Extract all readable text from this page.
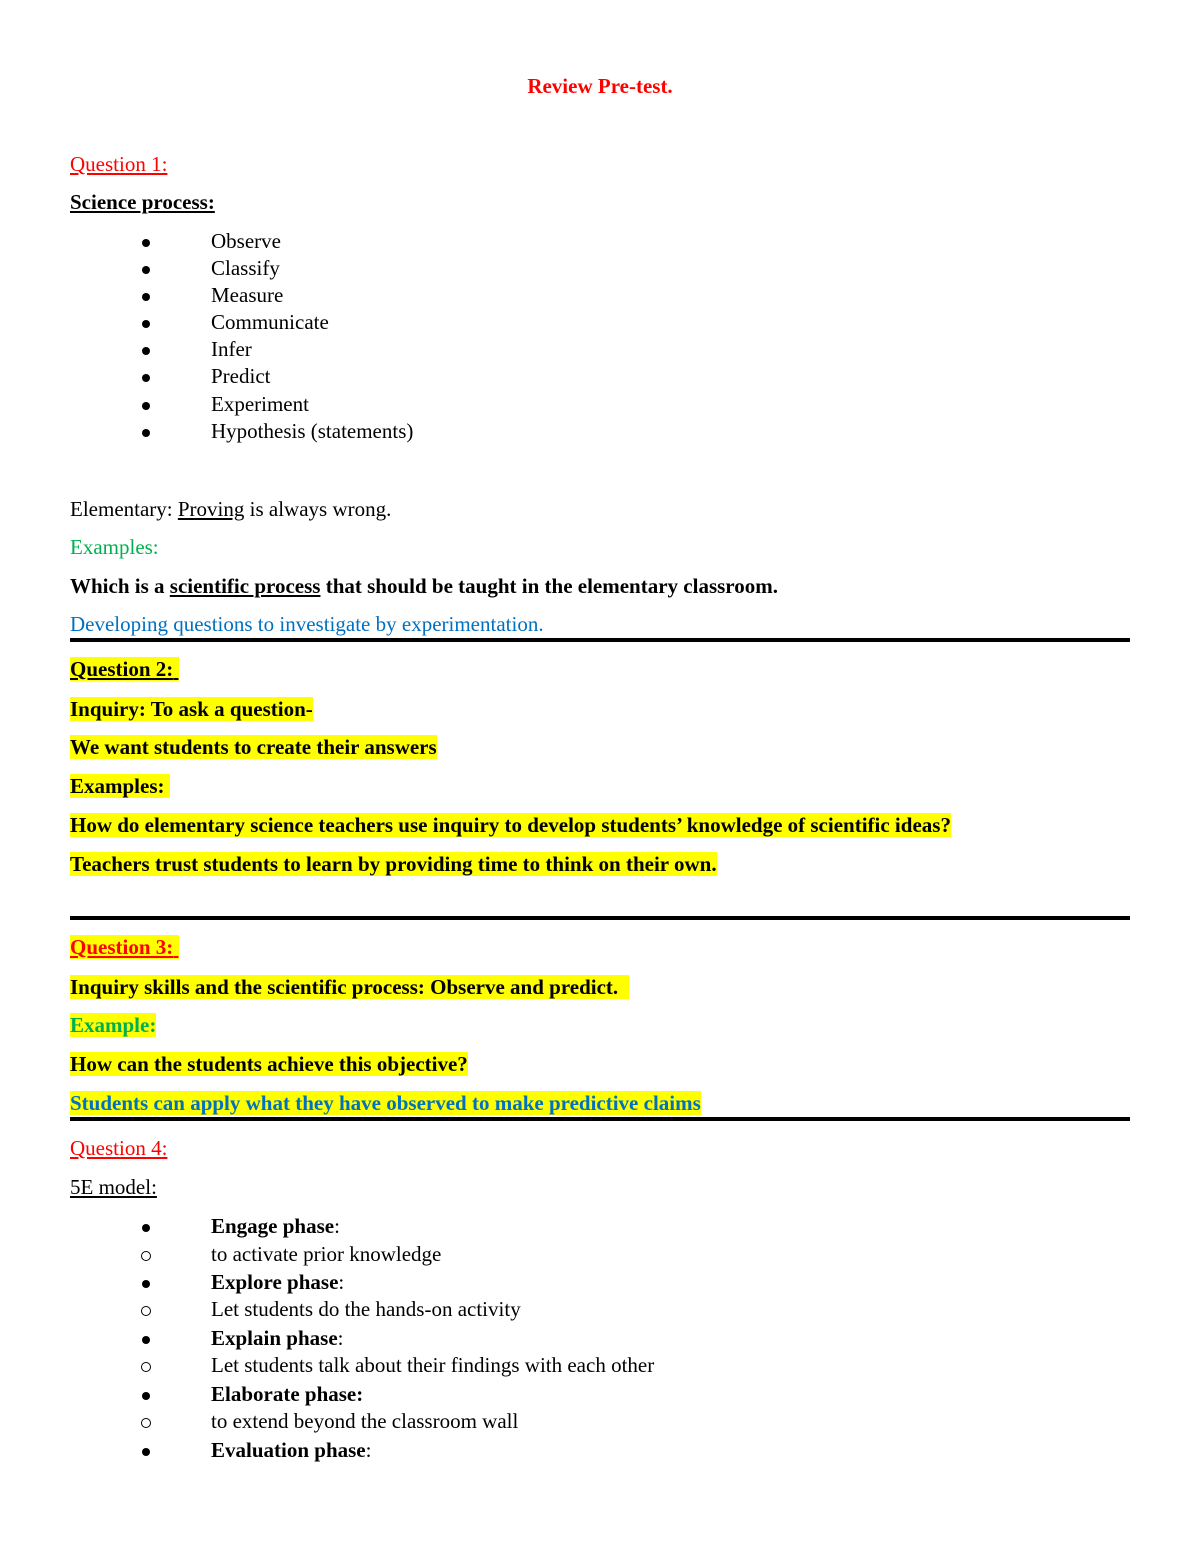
Review Pre-test.
Question 1:
Science process:
Observe
Classify
Measure
Communicate
Infer
Predict
Experiment
Hypothesis (statements)
Elementary: Proving is always wrong.
Examples:
Which is a scientific process that should be taught in the elementary classroom.
Developing questions to investigate by experimentation.
Question 2:
Inquiry: To ask a question-
We want students to create their answers
Examples:
How do elementary science teachers use inquiry to develop students’ knowledge of scientific ideas?
Teachers trust students to learn by providing time to think on their own.
Question 3:
Inquiry skills and the scientific process: Observe and predict.
Example:
How can the students achieve this objective?
Students can apply what they have observed to make predictive claims
Question 4:
5E model:
Engage phase:
to activate prior knowledge
Explore phase:
Let students do the hands-on activity
Explain phase:
Let students talk about their findings with each other
Elaborate phase:
to extend beyond the classroom wall
Evaluation phase:
